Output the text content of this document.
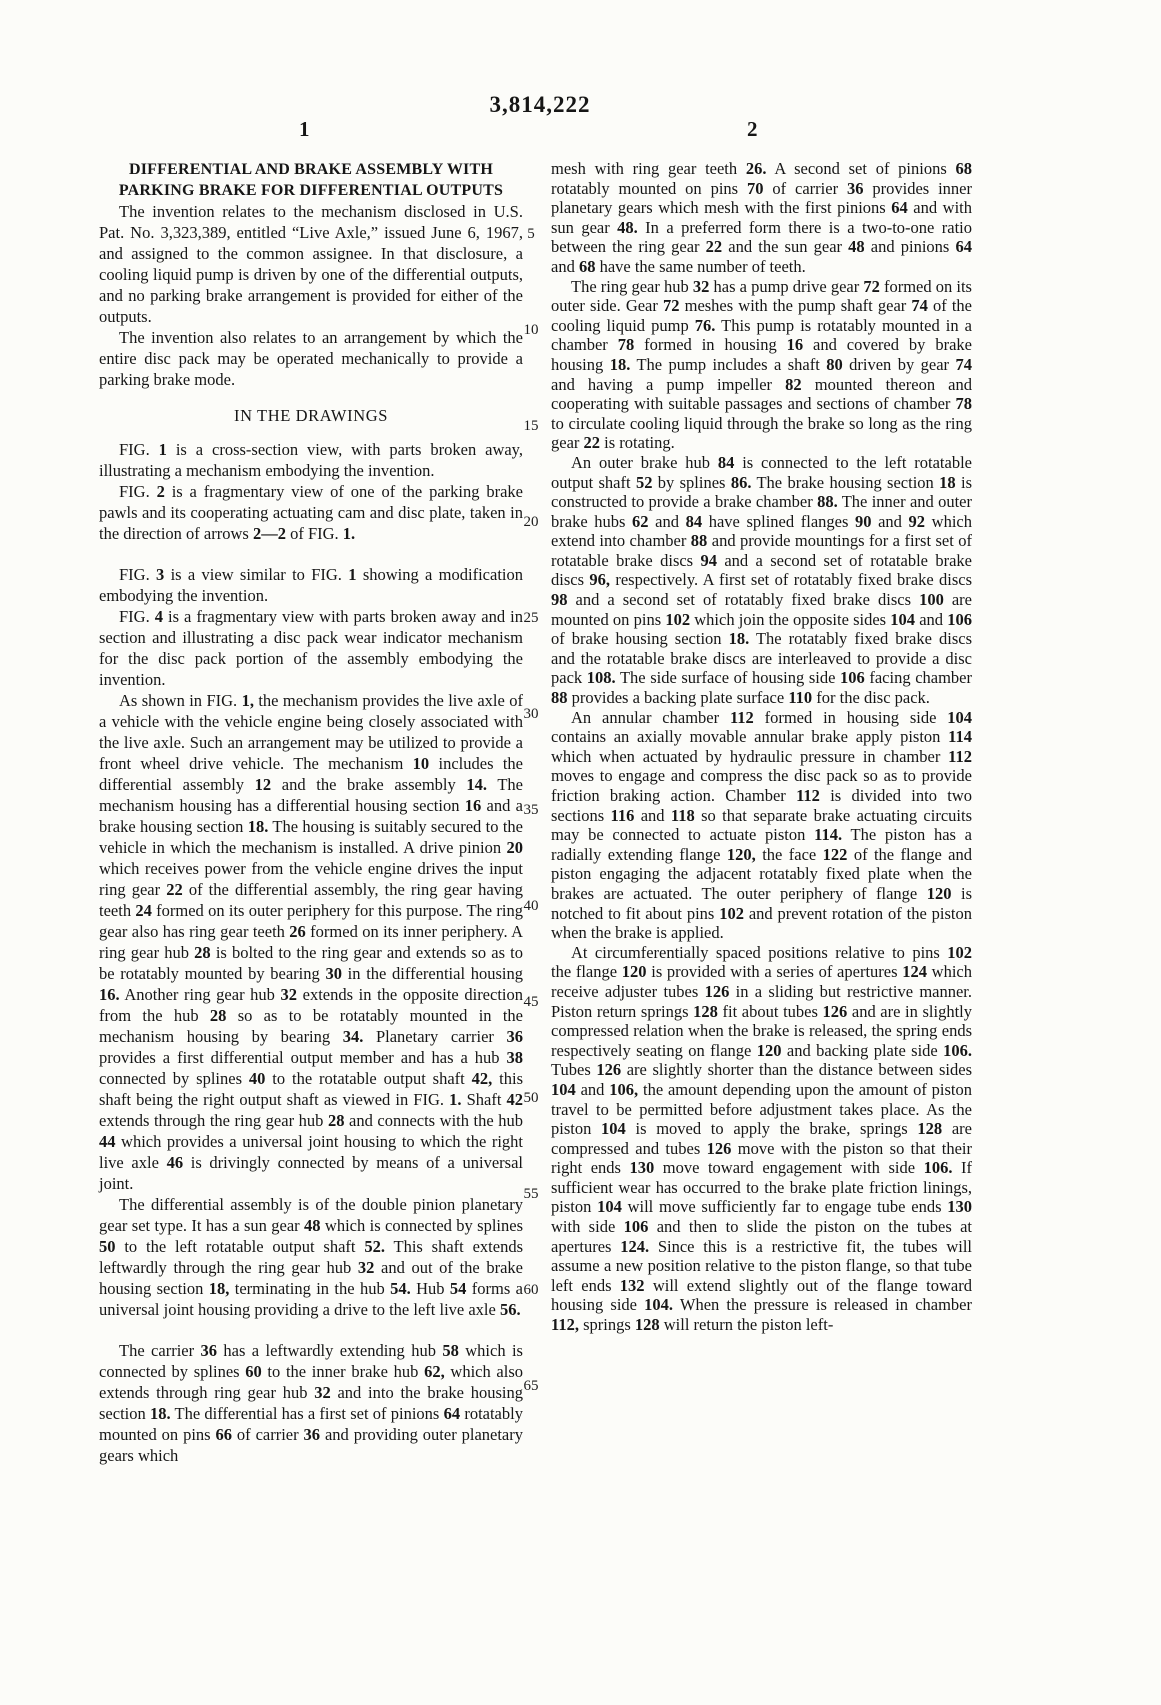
3,814,222
1	2
5
10
15
20
25
30
35
40
45
50
55
60
65
DIFFERENTIAL AND BRAKE ASSEMBLY WITH
PARKING BRAKE FOR DIFFERENTIAL OUTPUTS
The invention relates to the mechanism disclosed in U.S. Pat. No. 3,323,389, entitled “Live Axle,” issued June 6, 1967, and assigned to the common assignee. In that disclosure, a cooling liquid pump is driven by one of the differential outputs, and no parking brake arrangement is provided for either of the outputs.
The invention also relates to an arrangement by which the entire disc pack may be operated mechanically to provide a parking brake mode.
IN THE DRAWINGS
FIG. 1 is a cross-section view, with parts broken away, illustrating a mechanism embodying the invention.
FIG. 2 is a fragmentary view of one of the parking brake pawls and its cooperating actuating cam and disc plate, taken in the direction of arrows 2—2 of FIG. 1.
FIG. 3 is a view similar to FIG. 1 showing a modification embodying the invention.
FIG. 4 is a fragmentary view with parts broken away and in section and illustrating a disc pack wear indicator mechanism for the disc pack portion of the assembly embodying the invention.
As shown in FIG. 1, the mechanism provides the live axle of a vehicle with the vehicle engine being closely associated with the live axle. Such an arrangement may be utilized to provide a front wheel drive vehicle. The mechanism 10 includes the differential assembly 12 and the brake assembly 14. The mechanism housing has a differential housing section 16 and a brake housing section 18. The housing is suitably secured to the vehicle in which the mechanism is installed. A drive pinion 20 which receives power from the vehicle engine drives the input ring gear 22 of the differential assembly, the ring gear having teeth 24 formed on its outer periphery for this purpose. The ring gear also has ring gear teeth 26 formed on its inner periphery. A ring gear hub 28 is bolted to the ring gear and extends so as to be rotatably mounted by bearing 30 in the differential housing 16. Another ring gear hub 32 extends in the opposite direction from the hub 28 so as to be rotatably mounted in the mechanism housing by bearing 34. Planetary carrier 36 provides a first differential output member and has a hub 38 connected by splines 40 to the rotatable output shaft 42, this shaft being the right output shaft as viewed in FIG. 1. Shaft 42 extends through the ring gear hub 28 and connects with the hub 44 which provides a universal joint housing to which the right live axle 46 is drivingly connected by means of a universal joint.
The differential assembly is of the double pinion planetary gear set type. It has a sun gear 48 which is connected by splines 50 to the left rotatable output shaft 52. This shaft extends leftwardly through the ring gear hub 32 and out of the brake housing section 18, terminating in the hub 54. Hub 54 forms a universal joint housing providing a drive to the left live axle 56.
The carrier 36 has a leftwardly extending hub 58 which is connected by splines 60 to the inner brake hub 62, which also extends through ring gear hub 32 and into the brake housing section 18. The differential has a first set of pinions 64 rotatably mounted on pins 66 of carrier 36 and providing outer planetary gears which
mesh with ring gear teeth 26. A second set of pinions 68 rotatably mounted on pins 70 of carrier 36 provides inner planetary gears which mesh with the first pinions 64 and with sun gear 48. In a preferred form there is a two-to-one ratio between the ring gear 22 and the sun gear 48 and pinions 64 and 68 have the same number of teeth.
The ring gear hub 32 has a pump drive gear 72 formed on its outer side. Gear 72 meshes with the pump shaft gear 74 of the cooling liquid pump 76. This pump is rotatably mounted in a chamber 78 formed in housing 16 and covered by brake housing 18. The pump includes a shaft 80 driven by gear 74 and having a pump impeller 82 mounted thereon and cooperating with suitable passages and sections of chamber 78 to circulate cooling liquid through the brake so long as the ring gear 22 is rotating.
An outer brake hub 84 is connected to the left rotatable output shaft 52 by splines 86. The brake housing section 18 is constructed to provide a brake chamber 88. The inner and outer brake hubs 62 and 84 have splined flanges 90 and 92 which extend into chamber 88 and provide mountings for a first set of rotatable brake discs 94 and a second set of rotatable brake discs 96, respectively. A first set of rotatably fixed brake discs 98 and a second set of rotatably fixed brake discs 100 are mounted on pins 102 which join the opposite sides 104 and 106 of brake housing section 18. The rotatably fixed brake discs and the rotatable brake discs are interleaved to provide a disc pack 108. The side surface of housing side 106 facing chamber 88 provides a backing plate surface 110 for the disc pack.
An annular chamber 112 formed in housing side 104 contains an axially movable annular brake apply piston 114 which when actuated by hydraulic pressure in chamber 112 moves to engage and compress the disc pack so as to provide friction braking action. Chamber 112 is divided into two sections 116 and 118 so that separate brake actuating circuits may be connected to actuate piston 114. The piston has a radially extending flange 120, the face 122 of the flange and piston engaging the adjacent rotatably fixed plate when the brakes are actuated. The outer periphery of flange 120 is notched to fit about pins 102 and prevent rotation of the piston when the brake is applied.
At circumferentially spaced positions relative to pins 102 the flange 120 is provided with a series of apertures 124 which receive adjuster tubes 126 in a sliding but restrictive manner. Piston return springs 128 fit about tubes 126 and are in slightly compressed relation when the brake is released, the spring ends respectively seating on flange 120 and backing plate side 106. Tubes 126 are slightly shorter than the distance between sides 104 and 106, the amount depending upon the amount of piston travel to be permitted before adjustment takes place. As the piston 104 is moved to apply the brake, springs 128 are compressed and tubes 126 move with the piston so that their right ends 130 move toward engagement with side 106. If sufficient wear has occurred to the brake plate friction linings, piston 104 will move sufficiently far to engage tube ends 130 with side 106 and then to slide the piston on the tubes at apertures 124. Since this is a restrictive fit, the tubes will assume a new position relative to the piston flange, so that tube left ends 132 will extend slightly out of the flange toward housing side 104. When the pressure is released in chamber 112, springs 128 will return the piston left-
